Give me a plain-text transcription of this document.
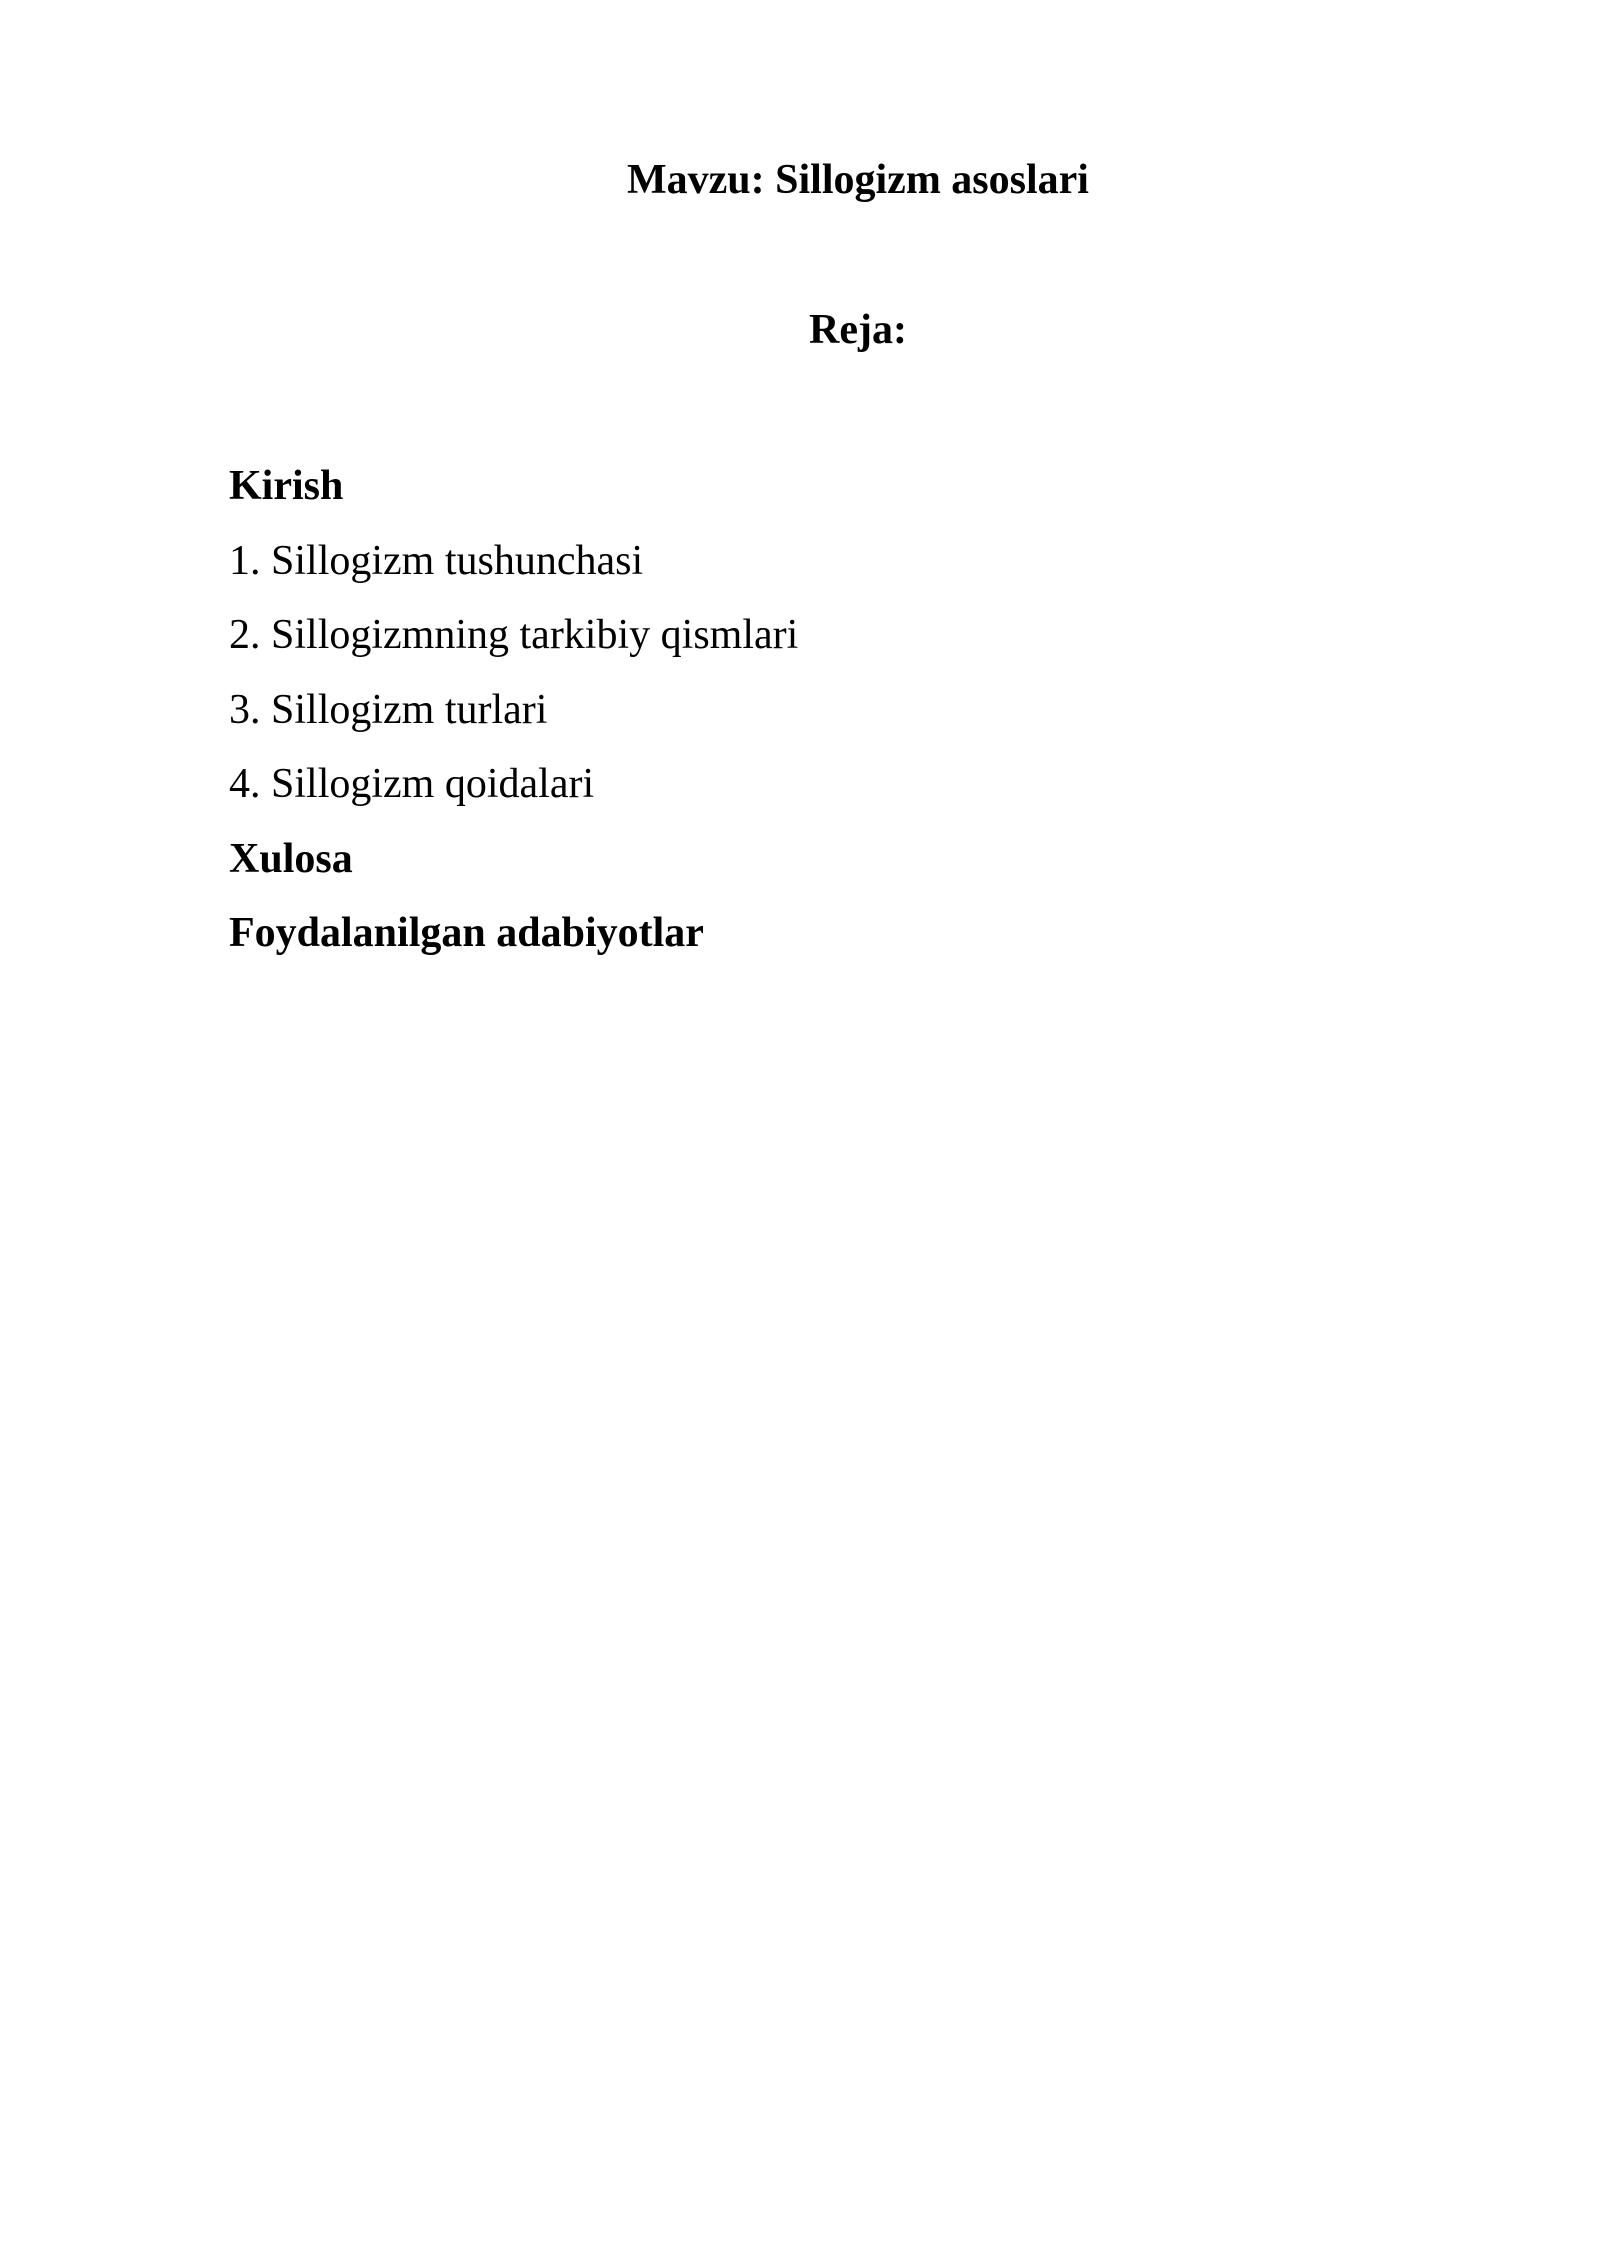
Mavzu: Sillogizm asoslari
Reja:
Kirish
1. Sillogizm tushunchasi
2. Sillogizmning tarkibiy qismlari
3. Sillogizm turlari
4. Sillogizm qoidalari
Xulosa
Foydalanilgan adabiyotlar
